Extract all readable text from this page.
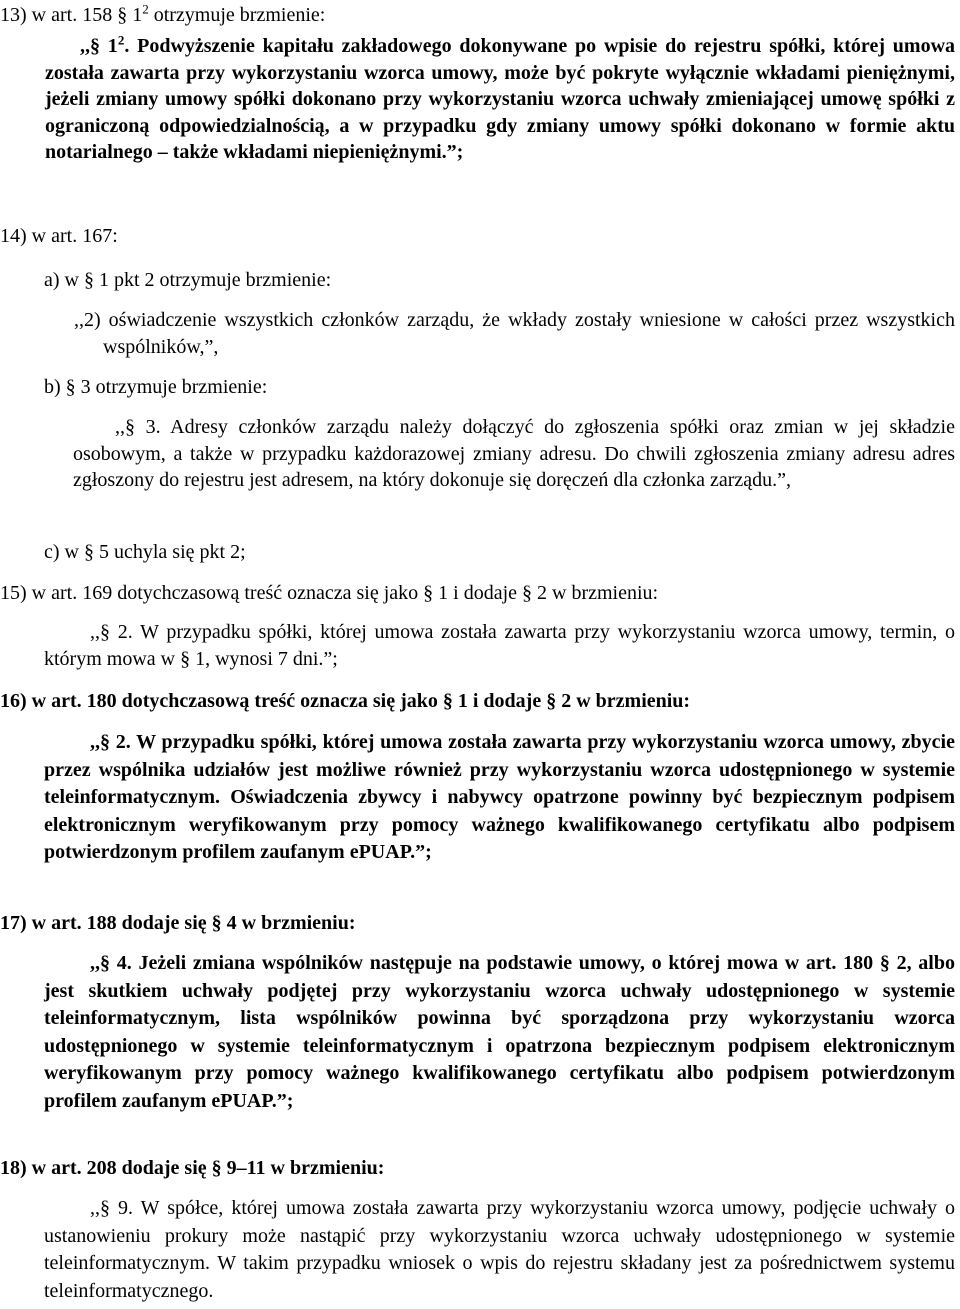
13) w art. 158 § $1^2$ otrzymuje brzmienie:

,,§ $1^2$. Podwyższenie kapitału zakładowego dokonywane po wpisie do rejestru spółki, której umowa została zawarta przy wykorzystaniu wzorca umowy, może być pokryte wyłącznie wkładami pieniężnymi, jeżeli zmiany umowy spółki dokonano przy wykorzystaniu wzorca uchwały zmieniającej umowę spółki z ograniczoną odpowiedzialnością, a w przypadku gdy zmiany umowy spółki dokonano w formie aktu notarialnego – także wkładami niepieniężnymi.”;

14) w art. 167:
a) w § 1 pkt 2 otrzymuje brzmienie:

,,2) oświadczenie wszystkich członków zarządu, że wkłady zostały wniesione w całości przez wszystkich wspólników,”,

b) § 3 otrzymuje brzmienie:

,,§ 3. Adresy członków zarządu należy dołączyć do zgłoszenia spółki oraz zmian w jej składzie osobowym, a także w przypadku każdorazowej zmiany adresu. Do chwili zgłoszenia zmiany adresu adres zgłoszony do rejestru jest adresem, na który dokonuje się doręczeń dla członka zarządu.”,

c) w § 5 uchyla się pkt 2;
15) w art. 169 dotychczasową treść oznacza się jako § 1 i dodaje § 2 w brzmieniu:

,,§ 2. W przypadku spółki, której umowa została zawarta przy wykorzystaniu wzorca umowy, termin, o którym mowa w § 1, wynosi 7 dni.”;

16) w art. 180 dotychczasową treść oznacza się jako § 1 i dodaje § 2 w brzmieniu:

,,§ 2. W przypadku spółki, której umowa została zawarta przy wykorzystaniu wzorca umowy, zbycie przez wspólnika udziałów jest możliwe również przy wykorzystaniu wzorca udostępnionego w systemie teleinformatycznym. Oświadczenia zbywcy i nabywcy opatrzone powinny być bezpiecznym podpisem elektronicznym weryfikowanym przy pomocy ważnego kwalifikowanego certyfikatu albo podpisem potwierdzonym profilem zaufanym ePUAP.”;

17) w art. 188 dodaje się § 4 w brzmieniu:

,,§ 4. Jeżeli zmiana wspólników następuje na podstawie umowy, o której mowa w art. 180 § 2, albo jest skutkiem uchwały podjętej przy wykorzystaniu wzorca uchwały udostępnionego w systemie teleinformatycznym, lista wspólników powinna być sporządzona przy wykorzystaniu wzorca udostępnionego w systemie teleinformatycznym i opatrzona bezpiecznym podpisem elektronicznym weryfikowanym przy pomocy ważnego kwalifikowanego certyfikatu albo podpisem potwierdzonym profilem zaufanym ePUAP.”;

18) w art. 208 dodaje się § 9–11 w brzmieniu:

,,§ 9. W spółce, której umowa została zawarta przy wykorzystaniu wzorca umowy, podjęcie uchwały o ustanowieniu prokury może nastąpić przy wykorzystaniu wzorca uchwały udostępnionego w systemie teleinformatycznym. W takim przypadku wniosek o wpis do rejestru składany jest za pośrednictwem systemu teleinformatycznego.
